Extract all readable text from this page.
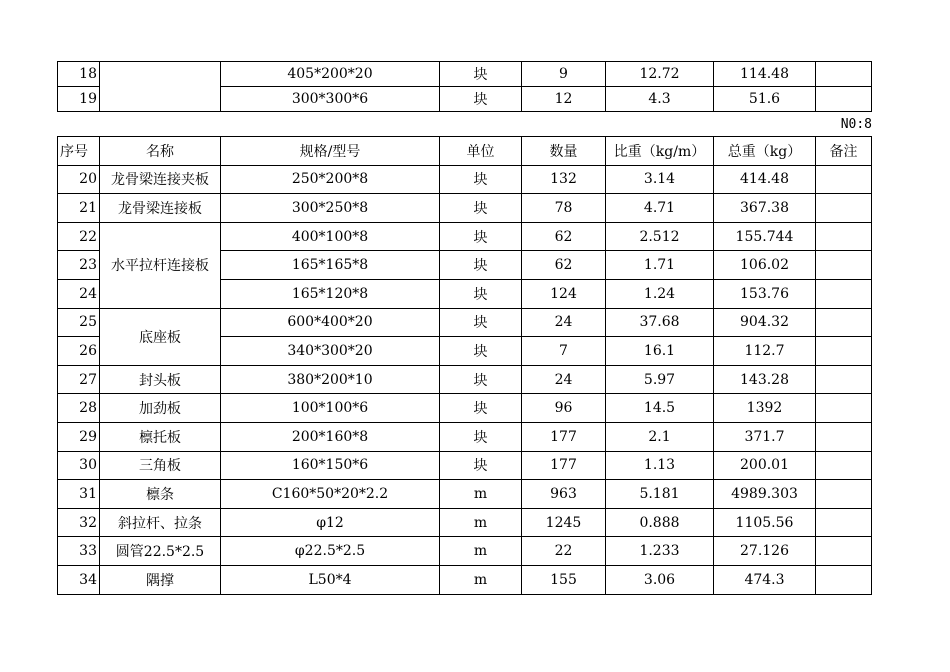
18		405*200*20	块	9	12.72	114.48	
19		300*300*6	块	12	4.3	51.6	
N0:8
序号	名称	规格/型号	单位	数量	比重（kg/m）	总重（kg）	备注
20	龙骨梁连接夹板	250*200*8	块	132	3.14	414.48	
21	龙骨梁连接板	300*250*8	块	78	4.71	367.38	
22	水平拉杆连接板	400*100*8	块	62	2.512	155.744	
23		165*165*8	块	62	1.71	106.02	
24		165*120*8	块	124	1.24	153.76	
25	底座板	600*400*20	块	24	37.68	904.32	
26		340*300*20	块	7	16.1	112.7	
27	封头板	380*200*10	块	24	5.97	143.28	
28	加劲板	100*100*6	块	96	14.5	1392	
29	檩托板	200*160*8	块	177	2.1	371.7	
30	三角板	160*150*6	块	177	1.13	200.01	
31	檩条	C160*50*20*2.2	m	963	5.181	4989.303	
32	斜拉杆、拉条	φ12	m	1245	0.888	1105.56	
33	圆管22.5*2.5	φ22.5*2.5	m	22	1.233	27.126	
34	隅撑	L50*4	m	155	3.06	474.3	
